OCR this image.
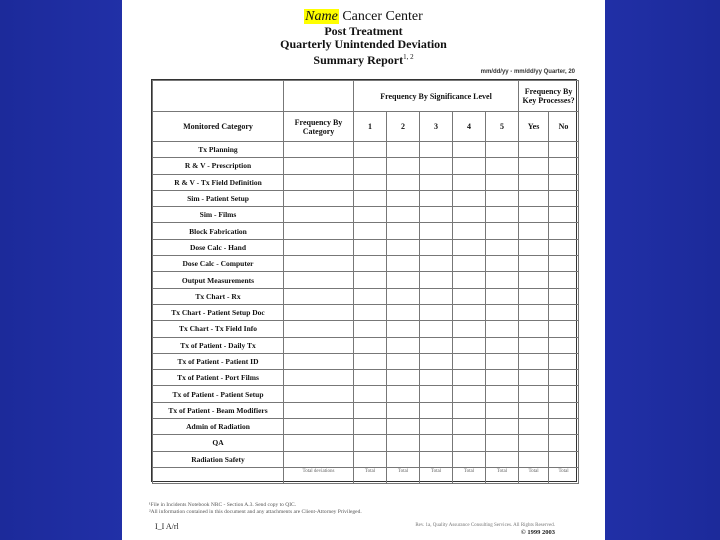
Name Cancer Center
Post Treatment
Quarterly Unintended Deviation
Summary Report$^{1, 2}$
mm/dd/yy - mm/dd/yy Quarter, 20
		Frequency By Significance Level					Frequency By Key Processes?	
Monitored Category	Frequency By Category	1	2	3	4	5	Yes	No
Tx Planning								
R & V - Prescription								
R & V - Tx Field Definition								
Sim - Patient Setup								
Sim - Films								
Block Fabrication								
Dose Calc - Hand								
Dose Calc - Computer								
Output Measurements								
Tx Chart - Rx								
Tx Chart - Patient Setup Doc								
Tx Chart - Tx Field Info								
Tx of Patient - Daily Tx								
Tx of Patient - Patient ID								
Tx of Patient - Port Films								
Tx of Patient - Patient Setup								
Tx of Patient - Beam Modifiers								
Admin of Radiation								
QA								
Radiation Safety								
	Total deviations	Total	Total	Total	Total	Total	Total	Total
¹File in Incidents Notebook NRC - Section A.3. Send copy to QIC.
²All information contained in this document and any attachments are Client-Attorney Privileged.
I_I A/rl	Rev. 1a, Quality Assurance Consulting Services. All Rights Reserved.
© 1999 2003
